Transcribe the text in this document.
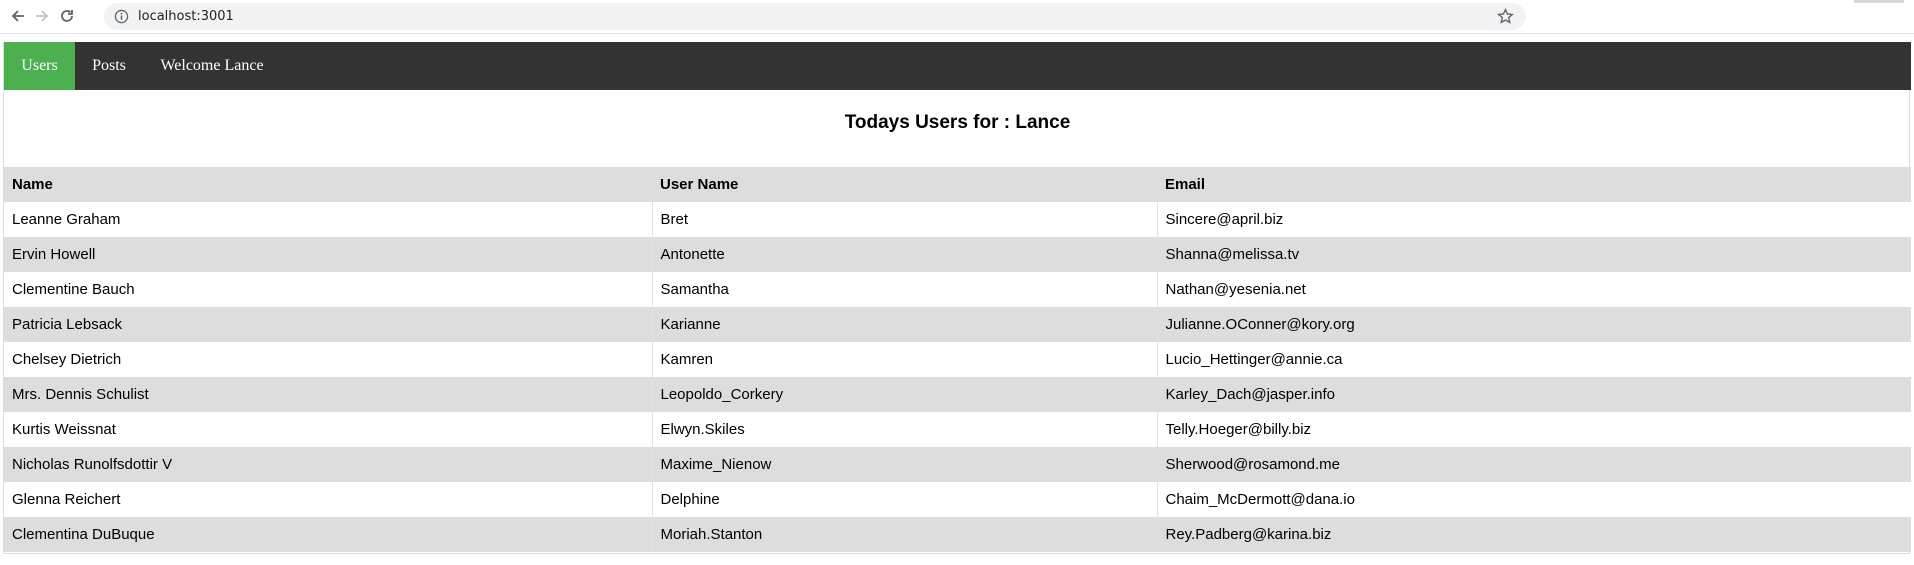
localhost:3001
Users	Posts	Welcome Lance
Todays Users for : Lance
Name	User Name	Email
Leanne Graham	Bret	Sincere@april.biz
Ervin Howell	Antonette	Shanna@melissa.tv
Clementine Bauch	Samantha	Nathan@yesenia.net
Patricia Lebsack	Karianne	Julianne.OConner@kory.org
Chelsey Dietrich	Kamren	Lucio_Hettinger@annie.ca
Mrs. Dennis Schulist	Leopoldo_Corkery	Karley_Dach@jasper.info
Kurtis Weissnat	Elwyn.Skiles	Telly.Hoeger@billy.biz
Nicholas Runolfsdottir V	Maxime_Nienow	Sherwood@rosamond.me
Glenna Reichert	Delphine	Chaim_McDermott@dana.io
Clementina DuBuque	Moriah.Stanton	Rey.Padberg@karina.biz
